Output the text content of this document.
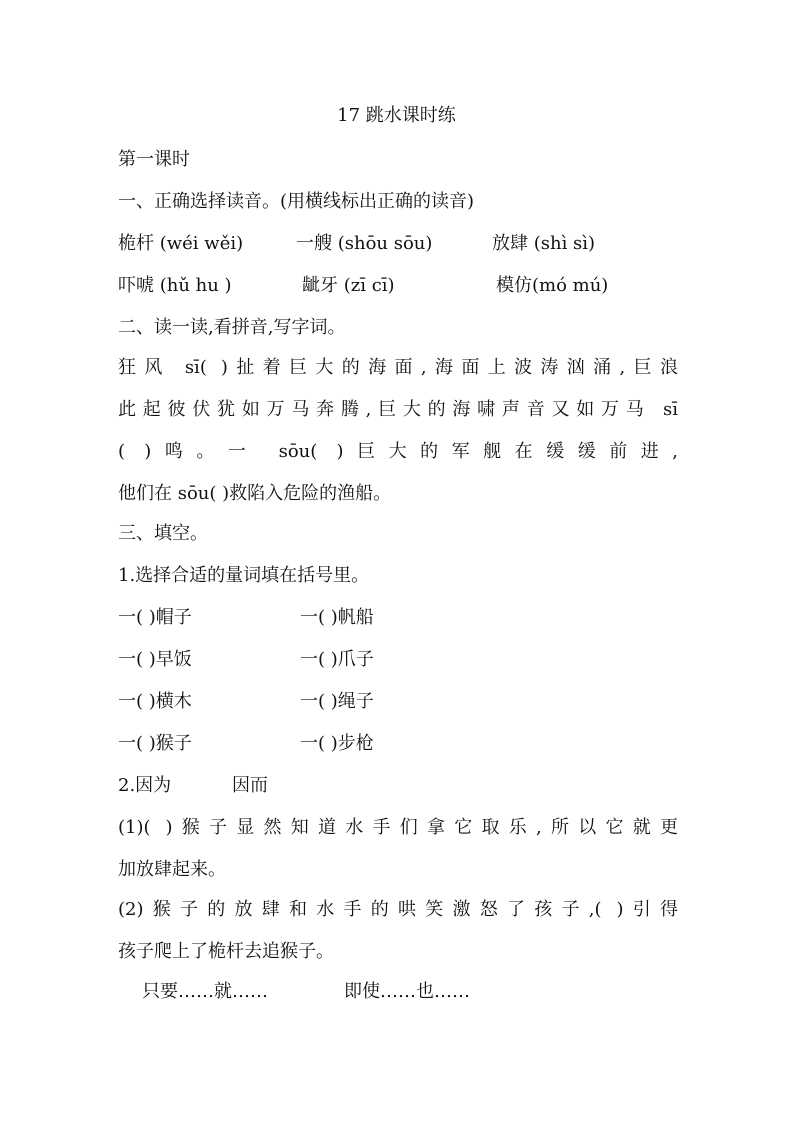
17 跳水课时练
第一课时
一、正确选择读音。(用横线标出正确的读音)
桅杆 (wéi wěi)	一艘 (shōu sōu)	放肆 (shì sì)
吓唬 (hǔ hu )	龇牙 (zī cī)	模仿(mó mú)
二、读一读,看拼音,写字词。
狂风 sī( )扯着巨大的海面,海面上波涛汹涌,巨浪
此起彼伏犹如万马奔腾,巨大的海啸声音又如万马 sī
( )鸣。一 sōu( )巨大的军舰在缓缓前进,
他们在 sōu( )救陷入危险的渔船。
三、填空。
1.选择合适的量词填在括号里。
一( )帽子	一( )帆船
一( )早饭	一( )爪子
一( )横木	一( )绳子
一( )猴子	一( )步枪
2.因为	因而
(1)( )猴子显然知道水手们拿它取乐,所以它就更
加放肆起来。
(2)猴子的放肆和水手的哄笑激怒了孩子,( )引得
孩子爬上了桅杆去追猴子。
只要……就……	即使……也……
